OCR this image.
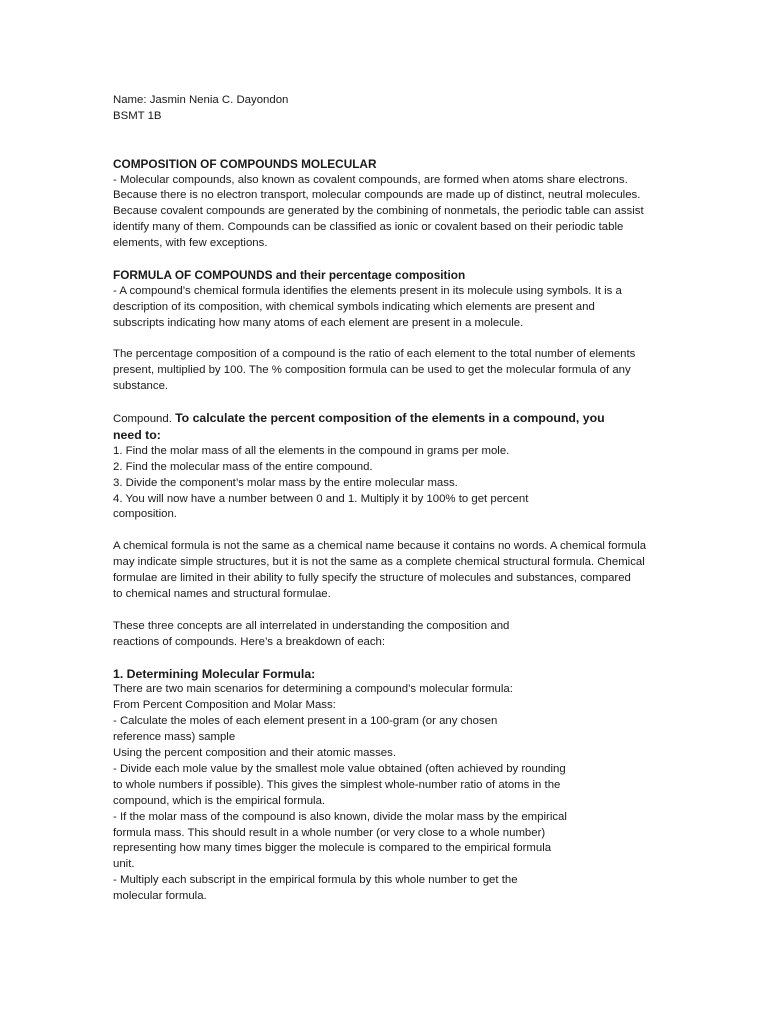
Name: Jasmin Nenia C. Dayondon
BSMT 1B
COMPOSITION OF COMPOUNDS MOLECULAR
- Molecular compounds, also known as covalent compounds, are formed when atoms share electrons.
Because there is no electron transport, molecular compounds are made up of distinct, neutral molecules.
Because covalent compounds are generated by the combining of nonmetals, the periodic table can assist
identify many of them. Compounds can be classified as ionic or covalent based on their periodic table
elements, with few exceptions.
FORMULA OF COMPOUNDS and their percentage composition
- A compound’s chemical formula identifies the elements present in its molecule using symbols. It is a
description of its composition, with chemical symbols indicating which elements are present and
subscripts indicating how many atoms of each element are present in a molecule.
The percentage composition of a compound is the ratio of each element to the total number of elements
present, multiplied by 100. The % composition formula can be used to get the molecular formula of any
substance.
Compound. To calculate the percent composition of the elements in a compound, you
need to:
1. Find the molar mass of all the elements in the compound in grams per mole.
2. Find the molecular mass of the entire compound.
3. Divide the component’s molar mass by the entire molecular mass.
4. You will now have a number between 0 and 1. Multiply it by 100% to get percent
composition.
A chemical formula is not the same as a chemical name because it contains no words. A chemical formula
may indicate simple structures, but it is not the same as a complete chemical structural formula. Chemical
formulae are limited in their ability to fully specify the structure of molecules and substances, compared
to chemical names and structural formulae.
These three concepts are all interrelated in understanding the composition and
reactions of compounds. Here’s a breakdown of each:
1. Determining Molecular Formula:
There are two main scenarios for determining a compound’s molecular formula:
From Percent Composition and Molar Mass:
- Calculate the moles of each element present in a 100-gram (or any chosen
reference mass) sample
Using the percent composition and their atomic masses.
- Divide each mole value by the smallest mole value obtained (often achieved by rounding
to whole numbers if possible). This gives the simplest whole-number ratio of atoms in the
compound, which is the empirical formula.
- If the molar mass of the compound is also known, divide the molar mass by the empirical
formula mass. This should result in a whole number (or very close to a whole number)
representing how many times bigger the molecule is compared to the empirical formula
unit.
- Multiply each subscript in the empirical formula by this whole number to get the
molecular formula.
